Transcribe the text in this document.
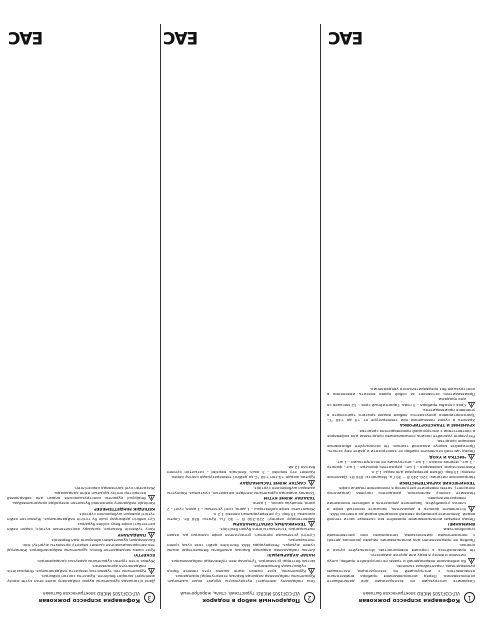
1
Кофеварка эспрессо рожковая
VLT-COF1505 MICRO электрическая бытовая

Сохраните инструкцию по эксплуатации для дальнейшего использования. Перед использованием прибора внимательно ознакомьтесь с инструкцией по эксплуатации, настоящим руководством, гарантийным талоном.

Во избежание повреждений и травм не погружайте прибор, шнур питания и вилку в воду или другие жидкости.

Не прикасайтесь к горячим поверхностям. Используйте ручки и кнопки.

Прибор не предназначен для использования лицами (включая детей) с пониженными физическими, сенсорными или умственными способностями.

ВНИМАНИЕ!

Перед первым использованием промойте все съемные части теплой водой. Заполните резервуар свежей холодной водой до отметки MAX.

Установите фильтр в держатель, засыпьте молотый кофе и слегка утрамбуйте. Закрепите держатель в рабочем положении поворотом вправо.

Нажмите кнопку включения, дождитесь нагрева (индикатор погаснет), затем поверните регулятор в положение подачи кофе.

ТЕХНИЧЕСКИЕ ХАРАКТЕРИСТИКИ

Напряжение питания: 220–240 В ~ 50 Гц. Мощность: 850 Вт. Давление помпы: 15 бар. Объем резервуара для воды: 1,2 л.

Комплектация: кофеварка – 1 шт., держатель фильтра – 1 шт., фильтр – 2 шт., мерная ложка – 1 шт., инструкция по эксплуатации – 1 шт.

ЧИСТКА И УХОД

Перед чисткой отключите прибор от электросети и дайте ему остыть. Протирайте корпус влажной тканью. Не используйте абразивные моющие средства.

Регулярно удаляйте накипь специальными средствами для кофеварок в соответствии с инструкцией производителя средства.

ХРАНЕНИЕ И ТРАНСПОРТИРОВКА

Хранить в сухом помещении при температуре от +5 до +40 °С. Транспортировка допускается любым видом крытого транспорта в упаковке производителя.

Срок службы прибора – 3 года. Гарантийный срок – 12 месяцев со дня продажи.

Производитель оставляет за собой право вносить изменения в конструкцию без предварительного уведомления.

2
Подарочный набор в подарок
VLT-COF1505 MICRO: туристский, стиль, жаропрочный

Осы пайдалану жөніндегі нұсқаулықты мұқият оқып шығыңыз. Құрылғыны пайдаланар алдында барлық ескертулерді орындаңыз.

Құрылғыны, қуат сымын және ашаны суға немесе басқа сұйықтыққа батырмаңыз.

Ыстық беттерді ұстамаңыз. Тұтқалар мен түймелерді пайдаланыңыз.

НАЗАР АУДАРЫҢЫЗ!

Алғаш пайдаланар алдында барлық алынбалы бөлшектерді жылы сумен жуыңыз. Резервуарды MAX белгісіне дейін таза суық сумен толтырыңыз.

Сүзгіні ұстағышқа орнатып, ұнтақталған кофе салыңыз да, аздап нығыздаңыз. Ұстағышты оңға бұрап бекітіңіз.

ТЕХНИКАЛЫҚ СИПАТТАМАЛАРЫ

Қоректендіру кернеуі: 220–240 В ~ 50 Гц. Қуаты: 850 Вт. Сорғы қысымы: 15 бар. Су резервуарының көлемі: 1,2 л.

Жиынтығы: кофе қайнатқыш – 1 дана, сүзгі ұстағыш – 1 дана, сүзгі – 2 дана, өлшеуіш қасық – 1 дана.

ТАЗАЛАУ ЖӘНЕ КҮТІМ

Тазалау алдында құрылғыны желіден ажыратып, суытыңыз. Корпусты дымқыл шүберекпен сүртіңіз.

САҚТАУ ЖӘНЕ ТАСЫМАЛДАУ

Құрғақ жерде +5-тен +40 °С-қа дейінгі температурада сақтау керек.

Қызмет ету мерзімі – 3 жыл. Кепілдік мерзімі – сатылған күннен бастап 12 ай.

3
Кофеварка эспрессо рожковая
VLT-COF1505 MICRO электрическая бытовая

Дана кітапшада құрылғыны дұрыс пайдалану және оған күтім жасау жөніндегі ақпарат берілген. Құжатты сақтап қойыңыз.

Құрылғыны тек тұрмыстық мақсатта пайдаланыңыз. Өнеркәсіптік пайдалануға арналмаған.

Жұмыс істеп тұрған құрылғыны қараусыз қалдырмаңыз.

ЕСКЕРТУ!

Қуат сымы зақымдалған болса, құрылғыны пайдаланбаңыз. Жөндеуді тек авторизацияланған қызмет көрсету орталығы жүргізуі тиіс.

Балалардың құрылғымен ойнауына жол бермеңіз.

ПАЙДАЛАНУ

Қосу түймесін басыңыз, қыздыру аяқталғанын күтіңіз, содан кейін реттегішті кофе беру күйіне бұраңыз.

Сүт көбігін дайындау үшін бу түтігін пайдаланыңыз. Жұмыстан кейін түтікті дымқыл шүберекпен сүртіңіз.

КЕПІЛДІК МІНДЕТТЕМЕЛЕР

Кепілдік пайдалану ережелері бұзылған жағдайда қолданылмайды.

Өндіруші құрылғы конструкциясына алдын ала хабарламай өзгерістер енгізу құқығын өзіне қалдырады.

Жасалған күні қаптамада көрсетілген.

EAC
EAC
EAC
